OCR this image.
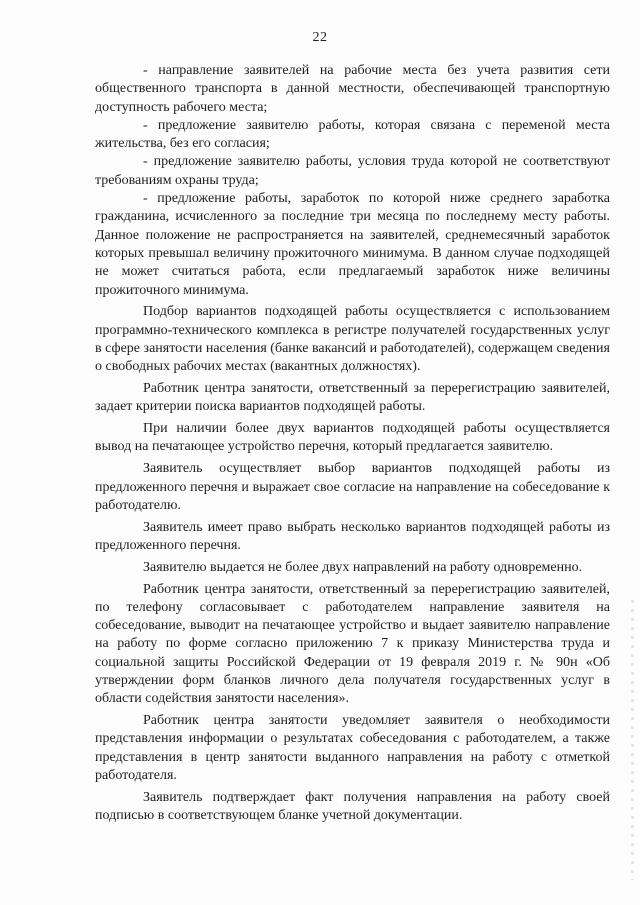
22

- направление заявителей на рабочие места без учета развития сети общественного транспорта в данной местности, обеспечивающей транспортную доступность рабочего места;

- предложение заявителю работы, которая связана с переменой места жительства, без его согласия;

- предложение заявителю работы, условия труда которой не соответствуют требованиям охраны труда;

- предложение работы, заработок по которой ниже среднего заработка гражданина, исчисленного за последние три месяца по последнему месту работы. Данное положение не распространяется на заявителей, среднемесячный заработок которых превышал величину прожиточного минимума. В данном случае подходящей не может считаться работа, если предлагаемый заработок ниже величины прожиточного минимума.

Подбор вариантов подходящей работы осуществляется с использованием программно-технического комплекса в регистре получателей государственных услуг в сфере занятости населения (банке вакансий и работодателей), содержащем сведения о свободных рабочих местах (вакантных должностях).

Работник центра занятости, ответственный за перерегистрацию заявителей, задает критерии поиска вариантов подходящей работы.

При наличии более двух вариантов подходящей работы осуществляется вывод на печатающее устройство перечня, который предлагается заявителю.

Заявитель осуществляет выбор вариантов подходящей работы из предложенного перечня и выражает свое согласие на направление на собеседование к работодателю.

Заявитель имеет право выбрать несколько вариантов подходящей работы из предложенного перечня.

Заявителю выдается не более двух направлений на работу одновременно.

Работник центра занятости, ответственный за перерегистрацию заявителей, по телефону согласовывает с работодателем направление заявителя на собеседование, выводит на печатающее устройство и выдает заявителю направление на работу по форме согласно приложению 7 к приказу Министерства труда и социальной защиты Российской Федерации от 19 февраля 2019 г. № 90н «Об утверждении форм бланков личного дела получателя государственных услуг в области содействия занятости населения».

Работник центра занятости уведомляет заявителя о необходимости представления информации о результатах собеседования с работодателем, а также представления в центр занятости выданного направления на работу с отметкой работодателя.

Заявитель подтверждает факт получения направления на работу своей подписью в соответствующем бланке учетной документации.
